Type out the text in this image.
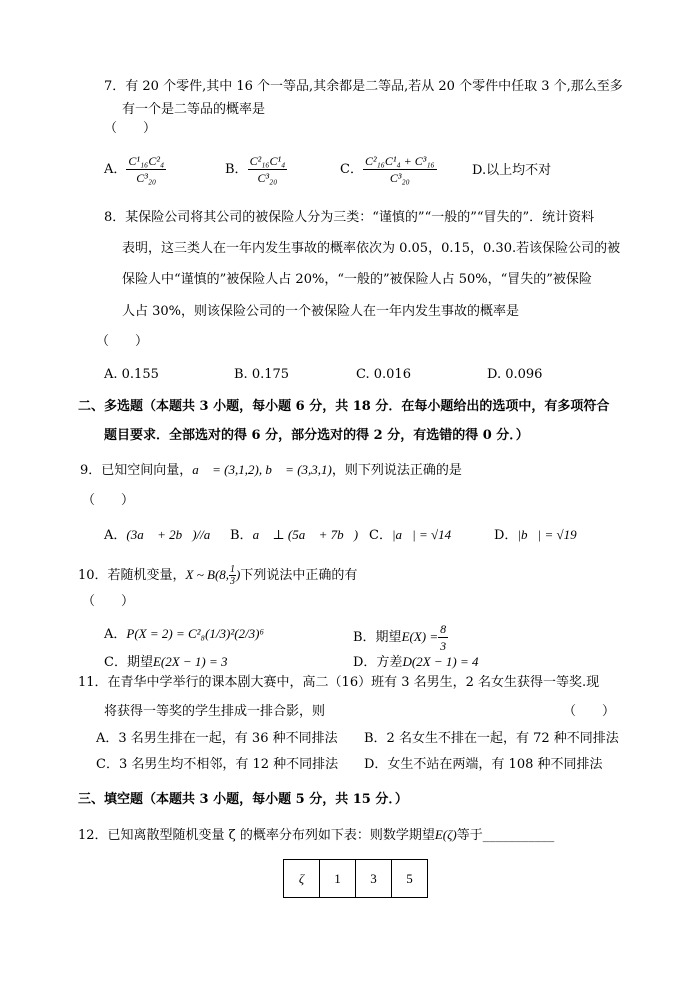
7．有 20 个零件,其中 16 个一等品,其余都是二等品,若从 20 个零件中任取 3 个,那么至多
有一个是二等品的概率是
（　　）
A． $\frac{\text{C¹₁₆C²₄}}{\text{C³₂₀}}$	B． $\frac{\text{C²₁₆C¹₄}}{\text{C³₂₀}}$	C． $\frac{\text{C²₁₆C¹₄ + C³₁₆}}{\text{C³₂₀}}$	D.以上均不对
8．某保险公司将其公司的被保险人分为三类：“谨慎的”“一般的”“冒失的”．统计资料
表明，这三类人在一年内发生事故的概率依次为 0.05，0.15，0.30.若该保险公司的被
保险人中“谨慎的”被保险人占 20%，“一般的”被保险人占 50%，“冒失的”被保险
人占 30%，则该保险公司的一个被保险人在一年内发生事故的概率是
（　　）
A. 0.155	B. 0.175	C. 0.016	D. 0.096
二、多选题（本题共 3 小题，每小题 6 分，共 18 分．在每小题给出的选项中，有多项符合
题目要求．全部选对的得 6 分，部分选对的得 2 分，有选错的得 0 分．）
9．已知空间向量，a⃗ = (3,1,2), b⃗ = (3,3,1)，则下列说法正确的是
（　　）
A．(3a⃗ + 2b⃗)//a⃗ B．a⃗ ⊥ (5a⃗ + 7b⃗) C．|a⃗| = √14	D．|b⃗| = √19
10．若随机变量，X ~ B(8, $\frac{1}{3}$)下列说法中正确的有
（　　）
A．P(X = 2) = C²₈(1/3)²(2/3)⁶	B．期望$E(X) = \frac{8}{3}$
C．期望E(2X − 1) = 3	D．方差D(2X − 1) = 4
11．在青华中学举行的课本剧大赛中，高二（16）班有 3 名男生，2 名女生获得一等奖.现
将获得一等奖的学生排成一排合影，则	（　　）
A．3 名男生排在一起，有 36 种不同排法 B．2 名女生不排在一起，有 72 种不同排法
C．3 名男生均不相邻，有 12 种不同排法 D．女生不站在两端，有 108 种不同排法
三、填空题（本题共 3 小题，每小题 5 分，共 15 分．）
12．已知离散型随机变量 ζ 的概率分布列如下表：则数学期望E(ζ)等于___________
ζ	1	3	5
